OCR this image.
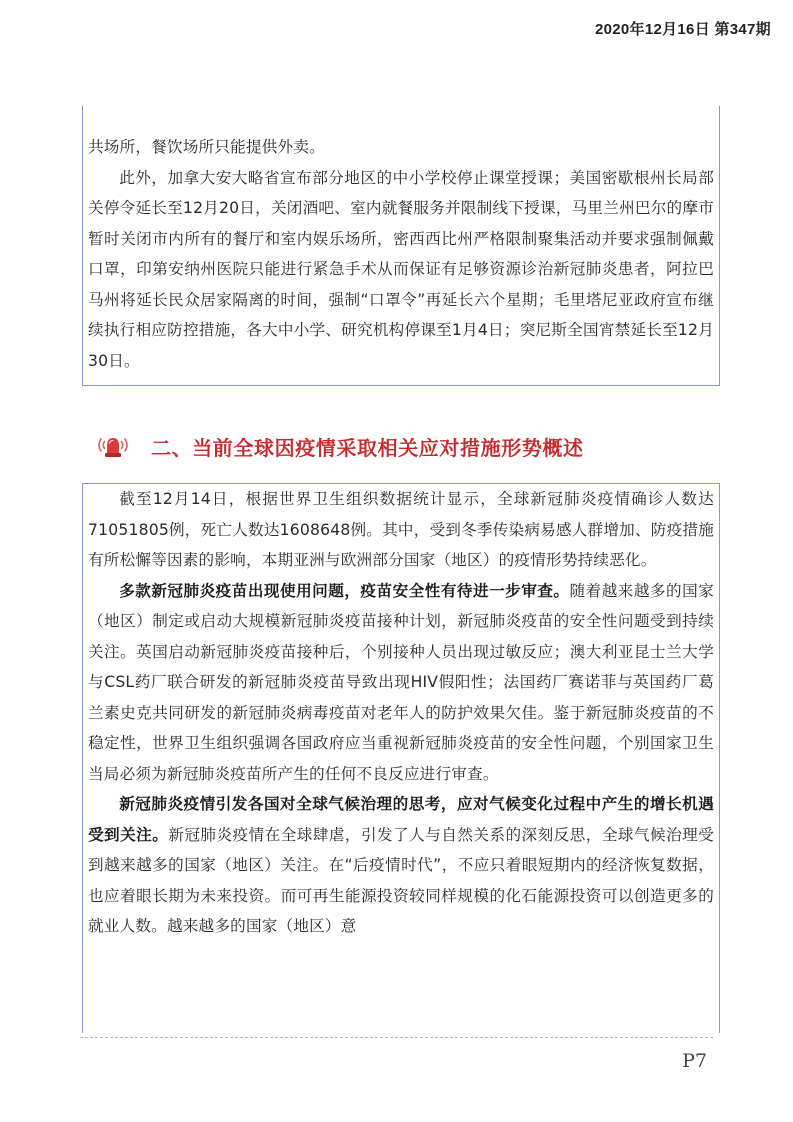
2020年12月16日 第347期

共场所，餐饮场所只能提供外卖。

此外，加拿大安大略省宣布部分地区的中小学校停止课堂授课；美国密歇根州长局部关停令延长至12月20日，关闭酒吧、室内就餐服务并限制线下授课，马里兰州巴尔的摩市暂时关闭市内所有的餐厅和室内娱乐场所，密西西比州严格限制聚集活动并要求强制佩戴口罩，印第安纳州医院只能进行紧急手术从而保证有足够资源诊治新冠肺炎患者，阿拉巴马州将延长民众居家隔离的时间，强制“口罩令”再延长六个星期；毛里塔尼亚政府宣布继续执行相应防控措施，各大中小学、研究机构停课至1月4日；突尼斯全国宵禁延长至12月30日。

二、当前全球因疫情采取相关应对措施形势概述

截至12月14日，根据世界卫生组织数据统计显示，全球新冠肺炎疫情确诊人数达71051805例，死亡人数达1608648例。其中，受到冬季传染病易感人群增加、防疫措施有所松懈等因素的影响，本期亚洲与欧洲部分国家（地区）的疫情形势持续恶化。

多款新冠肺炎疫苗出现使用问题，疫苗安全性有待进一步审查。随着越来越多的国家（地区）制定或启动大规模新冠肺炎疫苗接种计划，新冠肺炎疫苗的安全性问题受到持续关注。英国启动新冠肺炎疫苗接种后，个别接种人员出现过敏反应；澳大利亚昆士兰大学与CSL药厂联合研发的新冠肺炎疫苗导致出现HIV假阳性；法国药厂赛诺菲与英国药厂葛兰素史克共同研发的新冠肺炎病毒疫苗对老年人的防护效果欠佳。鉴于新冠肺炎疫苗的不稳定性，世界卫生组织强调各国政府应当重视新冠肺炎疫苗的安全性问题，个别国家卫生当局必须为新冠肺炎疫苗所产生的任何不良反应进行审查。

新冠肺炎疫情引发各国对全球气候治理的思考，应对气候变化过程中产生的增长机遇受到关注。新冠肺炎疫情在全球肆虐，引发了人与自然关系的深刻反思，全球气候治理受到越来越多的国家（地区）关注。在“后疫情时代”，不应只着眼短期内的经济恢复数据，也应着眼长期为未来投资。而可再生能源投资较同样规模的化石能源投资可以创造更多的就业人数。越来越多的国家（地区）意

P7
